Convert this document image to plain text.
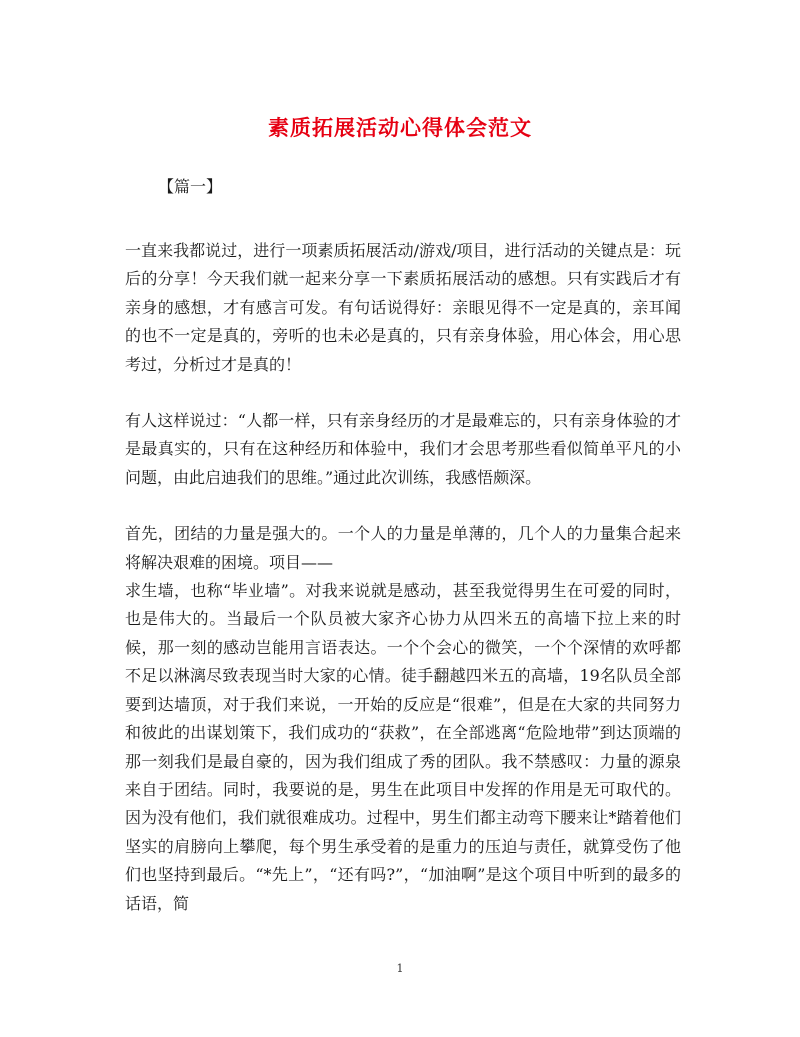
素质拓展活动心得体会范文

【篇一】

一直来我都说过，进行一项素质拓展活动/游戏/项目，进行活动的关键点是：玩后的分享！今天我们就一起来分享一下素质拓展活动的感想。只有实践后才有亲身的感想，才有感言可发。有句话说得好：亲眼见得不一定是真的，亲耳闻的也不一定是真的，旁听的也未必是真的，只有亲身体验，用心体会，用心思考过，分析过才是真的！

有人这样说过：“人都一样，只有亲身经历的才是最难忘的，只有亲身体验的才是最真实的，只有在这种经历和体验中，我们才会思考那些看似简单平凡的小问题，由此启迪我们的思维。”通过此次训练，我感悟颇深。

首先，团结的力量是强大的。一个人的力量是单薄的，几个人的力量集合起来将解决艰难的困境。项目——

求生墙，也称“毕业墙”。对我来说就是感动，甚至我觉得男生在可爱的同时，也是伟大的。当最后一个队员被大家齐心协力从四米五的高墙下拉上来的时候，那一刻的感动岂能用言语表达。一个个会心的微笑，一个个深情的欢呼都不足以淋漓尽致表现当时大家的心情。徒手翻越四米五的高墙，19名队员全部要到达墙顶，对于我们来说，一开始的反应是“很难”，但是在大家的共同努力和彼此的出谋划策下，我们成功的“获救”，在全部逃离“危险地带”到达顶端的那一刻我们是最自豪的，因为我们组成了秀的团队。我不禁感叹：力量的源泉来自于团结。同时，我要说的是，男生在此项目中发挥的作用是无可取代的。因为没有他们，我们就很难成功。过程中，男生们都主动弯下腰来让*踏着他们坚实的肩膀向上攀爬，每个男生承受着的是重力的压迫与责任，就算受伤了他们也坚持到最后。“*先上”，“还有吗?”，“加油啊”是这个项目中听到的最多的话语，简

1
